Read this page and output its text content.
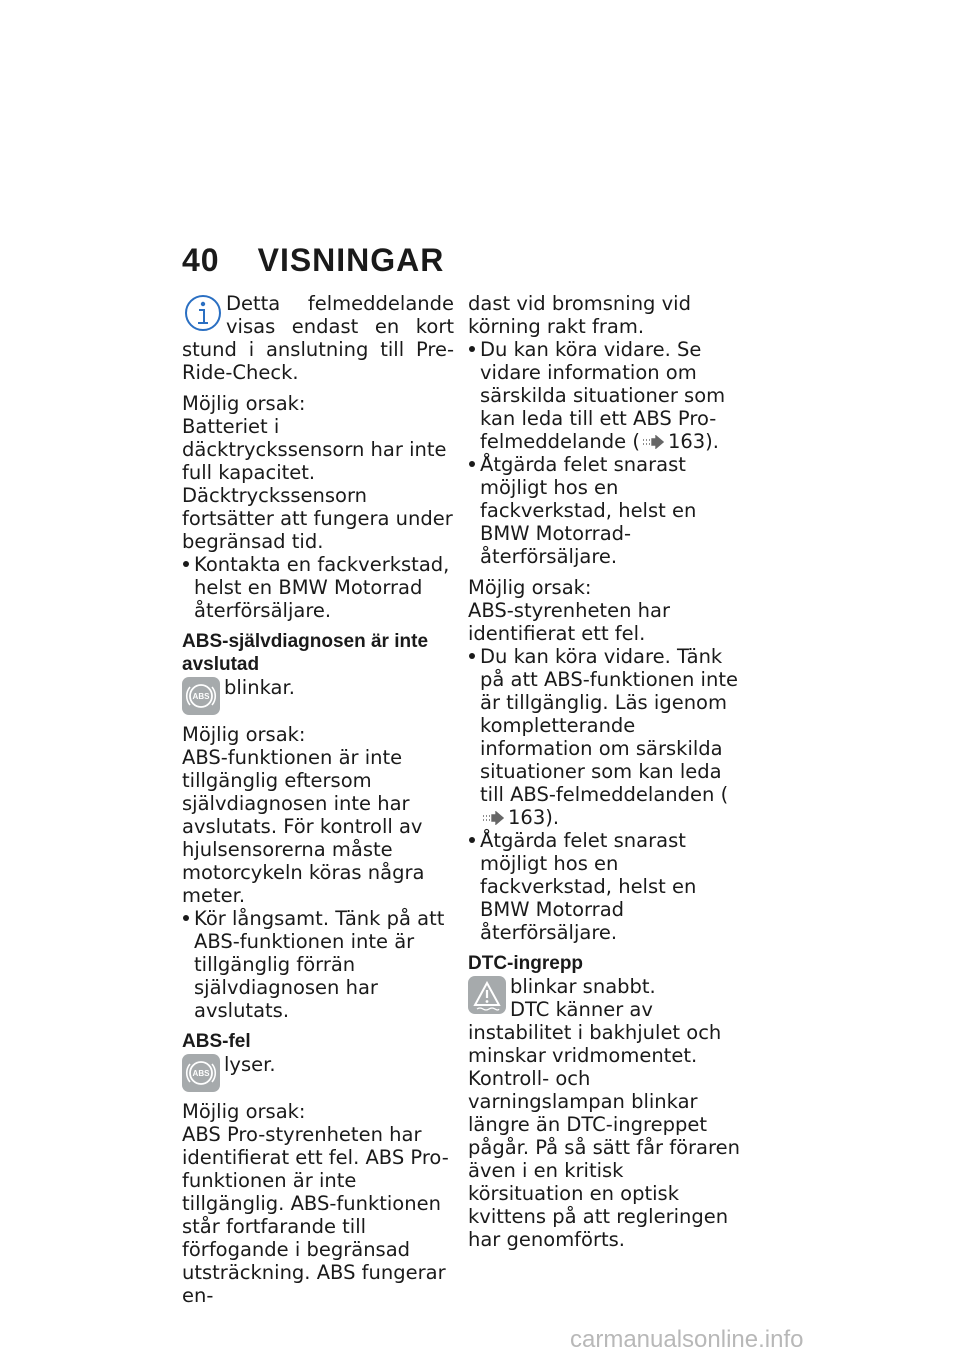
40 VISNINGAR

Detta felmeddelande visas endast en kort stund i anslutning till Pre-Ride-Check.

Möjlig orsak:

Batteriet i däcktryckssensorn har inte full kapacitet. Däcktryckssensorn fortsätter att fungera under begränsad tid.

Kontakta en fackverkstad, helst en BMW Motorrad återförsäljare.

ABS-självdiagnosen är inte avslutad

ABS blinkar.

Möjlig orsak:

ABS-funktionen är inte tillgänglig eftersom självdiagnosen inte har avslutats. För kontroll av hjulsensorerna måste motorcykeln köras några meter.

Kör långsamt. Tänk på att ABS-funktionen inte är tillgänglig förrän självdiagnosen har avslutats.

ABS-fel

ABS lyser.

Möjlig orsak:

ABS Pro-styrenheten har identifierat ett fel. ABS Pro-funktionen är inte tillgänglig. ABS-funktionen står fortfarande till förfogande i begränsad utsträckning. ABS fungerar en-

dast vid bromsning vid körning rakt fram.

Du kan köra vidare. Se vidare information om särskilda situationer som kan leda till ett ABS Pro-felmeddelande ( 163).
Åtgärda felet snarast möjligt hos en fackverkstad, helst en BMW Motorrad-återförsäljare.

Möjlig orsak:

ABS-styrenheten har identifierat ett fel.

Du kan köra vidare. Tänk på att ABS-funktionen inte är tillgänglig. Läs igenom kompletterande information om särskilda situationer som kan leda till ABS-felmeddelanden (163).
Åtgärda felet snarast möjligt hos en fackverkstad, helst en BMW Motorrad återförsäljare.

DTC-ingrepp

blinkar snabbt.

DTC känner av instabilitet i bakhjulet och minskar vridmomentet. Kontroll- och varningslampan blinkar längre än DTC-ingreppet pågår. På så sätt får föraren även i en kritisk körsituation en optisk kvittens på att regleringen har genomförts.

carmanualsonline.info
